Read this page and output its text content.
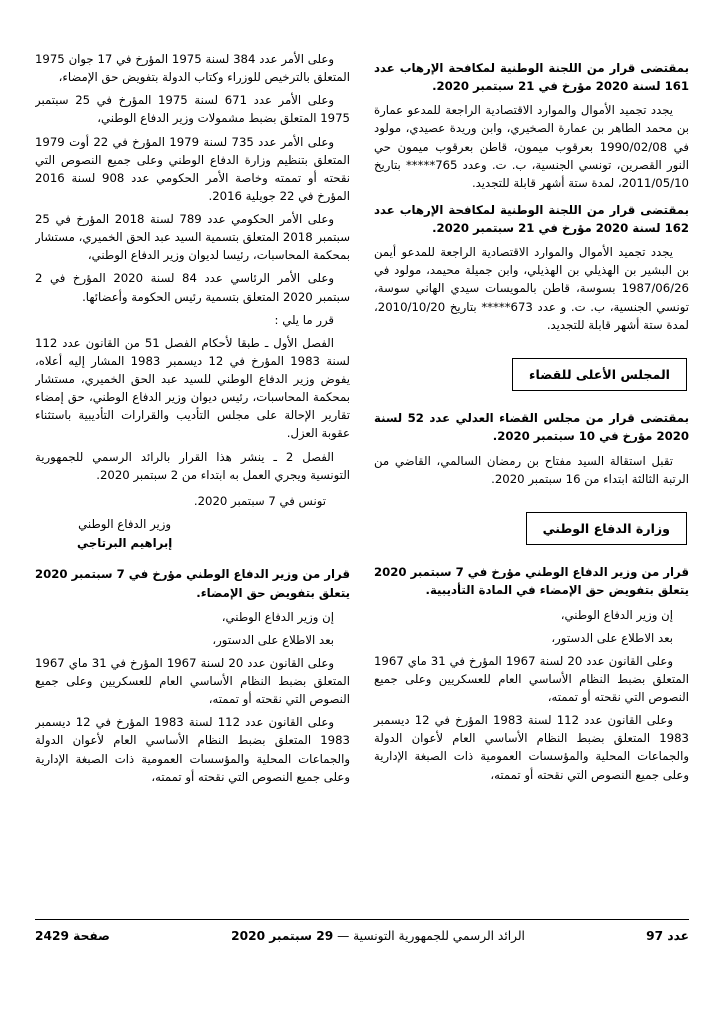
بمقتضى قرار من اللجنة الوطنية لمكافحة الإرهاب عدد 161 لسنة 2020 مؤرخ في 21 سبتمبر 2020.

يجدد تجميد الأموال والموارد الاقتصادية الراجعة للمدعو عمارة بن محمد الطاهر بن عمارة الصخيري، وابن وريدة عصيدي، مولود في 1990/02/08 بعرقوب ميمون، قاطن بعرقوب ميمون حي النور القصرين، تونسي الجنسية، ب. ت. وعدد 765***** بتاريخ 2011/05/10، لمدة ستة أشهر قابلة للتجديد.

بمقتضى قرار من اللجنة الوطنية لمكافحة الإرهاب عدد 162 لسنة 2020 مؤرخ في 21 سبتمبر 2020.

يجدد تجميد الأموال والموارد الاقتصادية الراجعة للمدعو أيمن بن البشير بن الهذيلي بن الهذيلي، وابن جميلة محيمد، مولود في 1987/06/26 بسوسة، قاطن بالمويسات سيدي الهاني سوسة، تونسي الجنسية، ب. ت. و عدد 673***** بتاريخ 2010/10/20، لمدة ستة أشهر قابلة للتجديد.

المجلس الأعلى للقضاء

بمقتضى قرار من مجلس القضاء العدلي عدد 52 لسنة 2020 مؤرخ في 10 سبتمبر 2020.

تقبل استقالة السيد مفتاح بن رمضان السالمي، القاضي من الرتبة الثالثة ابتداء من 16 سبتمبر 2020.

وزارة الدفاع الوطني

قرار من وزير الدفاع الوطني مؤرخ في 7 سبتمبر 2020 يتعلق بتفويض حق الإمضاء في المادة التأديبية.

إن وزير الدفاع الوطني،

بعد الاطلاع على الدستور،

وعلى القانون عدد 20 لسنة 1967 المؤرخ في 31 ماي 1967 المتعلق بضبط النظام الأساسي العام للعسكريين وعلى جميع النصوص التي نقحته أو تممته،

وعلى القانون عدد 112 لسنة 1983 المؤرخ في 12 ديسمبر 1983 المتعلق بضبط النظام الأساسي العام لأعوان الدولة والجماعات المحلية والمؤسسات العمومية ذات الصبغة الإدارية وعلى جميع النصوص التي نقحته أو تممته،

وعلى الأمر عدد 384 لسنة 1975 المؤرخ في 17 جوان 1975 المتعلق بالترخيص للوزراء وكتاب الدولة بتفويض حق الإمضاء،

وعلى الأمر عدد 671 لسنة 1975 المؤرخ في 25 سبتمبر 1975 المتعلق بضبط مشمولات وزير الدفاع الوطني،

وعلى الأمر عدد 735 لسنة 1979 المؤرخ في 22 أوت 1979 المتعلق بتنظيم وزارة الدفاع الوطني وعلى جميع النصوص التي نقحته أو تممته وخاصة الأمر الحكومي عدد 908 لسنة 2016 المؤرخ في 22 جويلية 2016.

وعلى الأمر الحكومي عدد 789 لسنة 2018 المؤرخ في 25 سبتمبر 2018 المتعلق بتسمية السيد عبد الحق الخميري، مستشار بمحكمة المحاسبات، رئيسا لديوان وزير الدفاع الوطني،

وعلى الأمر الرئاسي عدد 84 لسنة 2020 المؤرخ في 2 سبتمبر 2020 المتعلق بتسمية رئيس الحكومة وأعضائها.

قرر ما يلي :

الفصل الأول ـ طبقا لأحكام الفصل 51 من القانون عدد 112 لسنة 1983 المؤرخ في 12 ديسمبر 1983 المشار إليه أعلاه، يفوض وزير الدفاع الوطني للسيد عبد الحق الخميري، مستشار بمحكمة المحاسبات، رئيس ديوان وزير الدفاع الوطني، حق إمضاء تقارير الإحالة على مجلس التأديب والقرارات التأديبية باستثناء عقوبة العزل.

الفصل 2 ـ ينشر هذا القرار بالرائد الرسمي للجمهورية التونسية ويجري العمل به ابتداء من 2 سبتمبر 2020.

تونس في 7 سبتمبر 2020.

وزير الدفاع الوطني
إبراهيم البرتاجي

قرار من وزير الدفاع الوطني مؤرخ في 7 سبتمبر 2020 يتعلق بتفويض حق الإمضاء.

إن وزير الدفاع الوطني،

بعد الاطلاع على الدستور،

وعلى القانون عدد 20 لسنة 1967 المؤرخ في 31 ماي 1967 المتعلق بضبط النظام الأساسي العام للعسكريين وعلى جميع النصوص التي نقحته أو تممته،

وعلى القانون عدد 112 لسنة 1983 المؤرخ في 12 ديسمبر 1983 المتعلق بضبط النظام الأساسي العام لأعوان الدولة والجماعات المحلية والمؤسسات العمومية ذات الصبغة الإدارية وعلى جميع النصوص التي نقحته أو تممته،

عدد 97
الرائد الرسمي للجمهورية التونسية — 29 سبتمبر 2020
صفحة 2429
